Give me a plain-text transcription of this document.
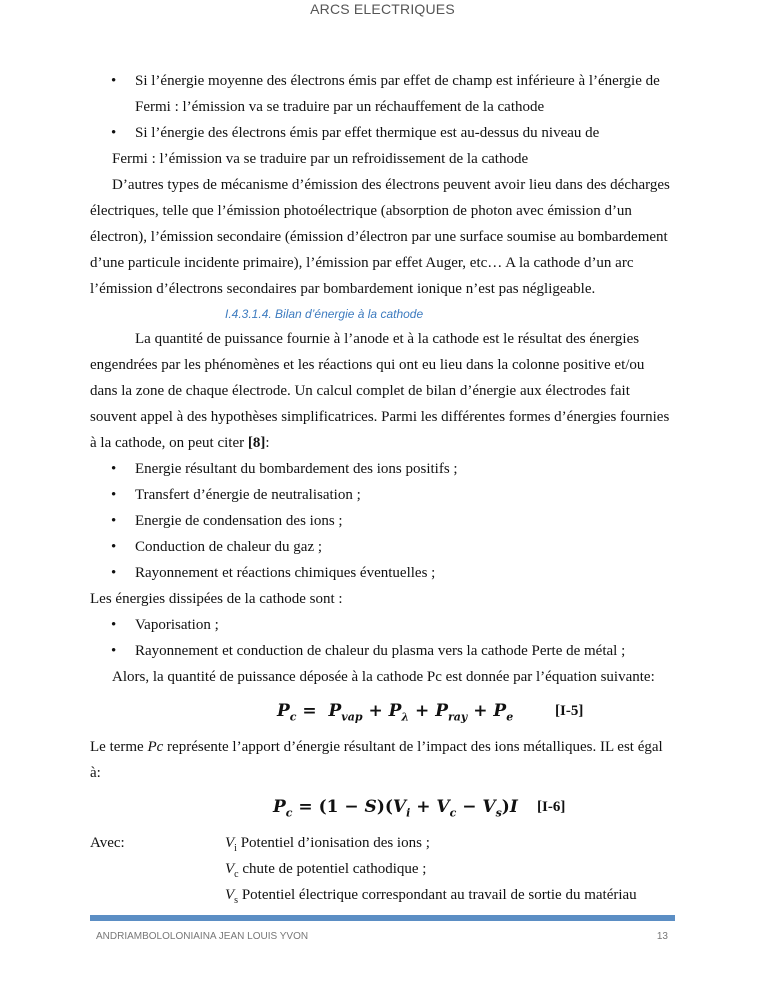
ARCS ELECTRIQUES
• Si l’énergie moyenne des électrons émis par effet de champ est inférieure à l’énergie de Fermi : l’émission va se traduire par un réchauffement de la cathode
• Si l’énergie des électrons émis par effet thermique est au-dessus du niveau de

Fermi : l’émission va se traduire par un refroidissement de la cathode

D’autres types de mécanisme d’émission des électrons peuvent avoir lieu dans des décharges électriques, telle que l’émission photoélectrique (absorption de photon avec émission d’un électron), l’émission secondaire (émission d’électron par une surface soumise au bombardement d’une particule incidente primaire), l’émission par effet Auger, etc… A la cathode d’un arc l’émission d’électrons secondaires par bombardement ionique n’est pas négligeable.

I.4.3.1.4. Bilan d’énergie à la cathode

La quantité de puissance fournie à l’anode et à la cathode est le résultat des énergies engendrées par les phénomènes et les réactions qui ont eu lieu dans la colonne positive et/ou dans la zone de chaque électrode. Un calcul complet de bilan d’énergie aux électrodes fait souvent appel à des hypothèses simplificatrices. Parmi les différentes formes d’énergies fournies à la cathode, on peut citer [8]:

• Energie résultant du bombardement des ions positifs ;
• Transfert d’énergie de neutralisation ;
• Energie de condensation des ions ;
• Conduction de chaleur du gaz ;
• Rayonnement et réactions chimiques éventuelles ;

Les énergies dissipées de la cathode sont :

• Vaporisation ;
• Rayonnement et conduction de chaleur du plasma vers la cathode Perte de métal ;

Alors, la quantité de puissance déposée à la cathode Pc est donnée par l’équation suivante:

$P_c = P_{vap} + P_\lambda + P_{ray} + P_e$	[I-5]

Le terme Pc représente l’apport d’énergie résultant de l’impact des ions métalliques. IL est égal à:

$P_c = (1 - S)(V_i + V_c - V_s)I$ [I-6]
Avec:	$V_i$ Potentiel d’ionisation des ions ;
$V_c$ chute de potentiel cathodique ;
$V_s$ Potentiel électrique correspondant au travail de sortie du matériau
ANDRIAMBOLOLONIAINA JEAN LOUIS YVON	13
